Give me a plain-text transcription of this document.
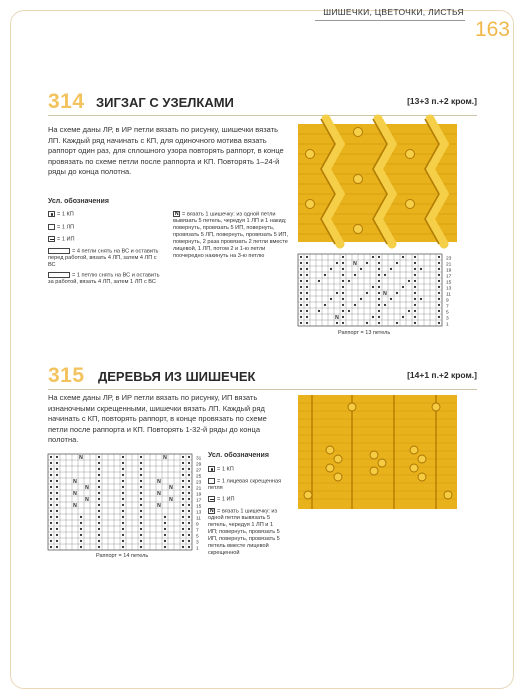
ШИШЕЧКИ, ЦВЕТОЧКИ, ЛИСТЬЯ
163
314 ЗИГЗАГ С УЗЕЛКАМИ	[13+3 п.+2 кром.]
На схеме даны ЛР, в ИР петли вязать по рисунку, шишечки вязать ЛП. Каждый ряд начинать с КП, для одиночного мотива вязать раппорт один раз, для сплошного узора повторять раппорт, в конце провязать по схеме петли после раппорта и КП. Повторять 1–24-й ряды до конца полотна.
Усл. обозначения
= 1 КП
= 1 ЛП
= 1 ИП
= 4 петли снять на ВС и оставить перед работой, вязать 4 ЛП, затем 4 ЛП с ВС
= 1 петлю снять на ВС и оставить за работой, вязать 4 ЛП, затем 1 ЛП с ВС
N= вязать 1 шишечку: из одной петли вывязать 5 петель, чередуя 1 ЛП и 1 накид; повернуть, провязать 5 ИП, повернуть, провязать 5 ЛП, повернуть, провязать 5 ИП, повернуть, 2 раза провязать 2 петли вместе лицевой, 1 ЛП, потом 2 и 1-ю петли поочередно накинуть на 3-ю петлю
N
N
N
23
21
19
17
15
13
11
9
7
5
3
1
Раппорт = 13 петель
315 ДЕРЕВЬЯ ИЗ ШИШЕЧЕК	[14+1 п.+2 кром.]
На схеме даны ЛР, в ИР петли вязать по рисунку, ИП вязать изнаночными скрещенными, шишечки вязать ЛП. Каждый ряд начинать с КП, повторять раппорт, в конце провязать по схеме петли после раппорта и КП. Повторять 1-32-й ряды до конца полотна.
N	N
N	N
N	N
N	N
N	N
N	N
31
29
27
25
23
21
19
17
15
13
11
9
7
5
3
1
Раппорт = 14 петель
Усл. обозначения
= 1 КП
= 1 лицевая скрещенная петля
= 1 ИП
N= вязать 1 шишечку: из одной петли вывязать 5 петель, чередуя 1 ЛП и 1 ИП; повернуть, провязать 5 ИП, повернуть, провязать 5 петель вместе лицевой скрещенной
